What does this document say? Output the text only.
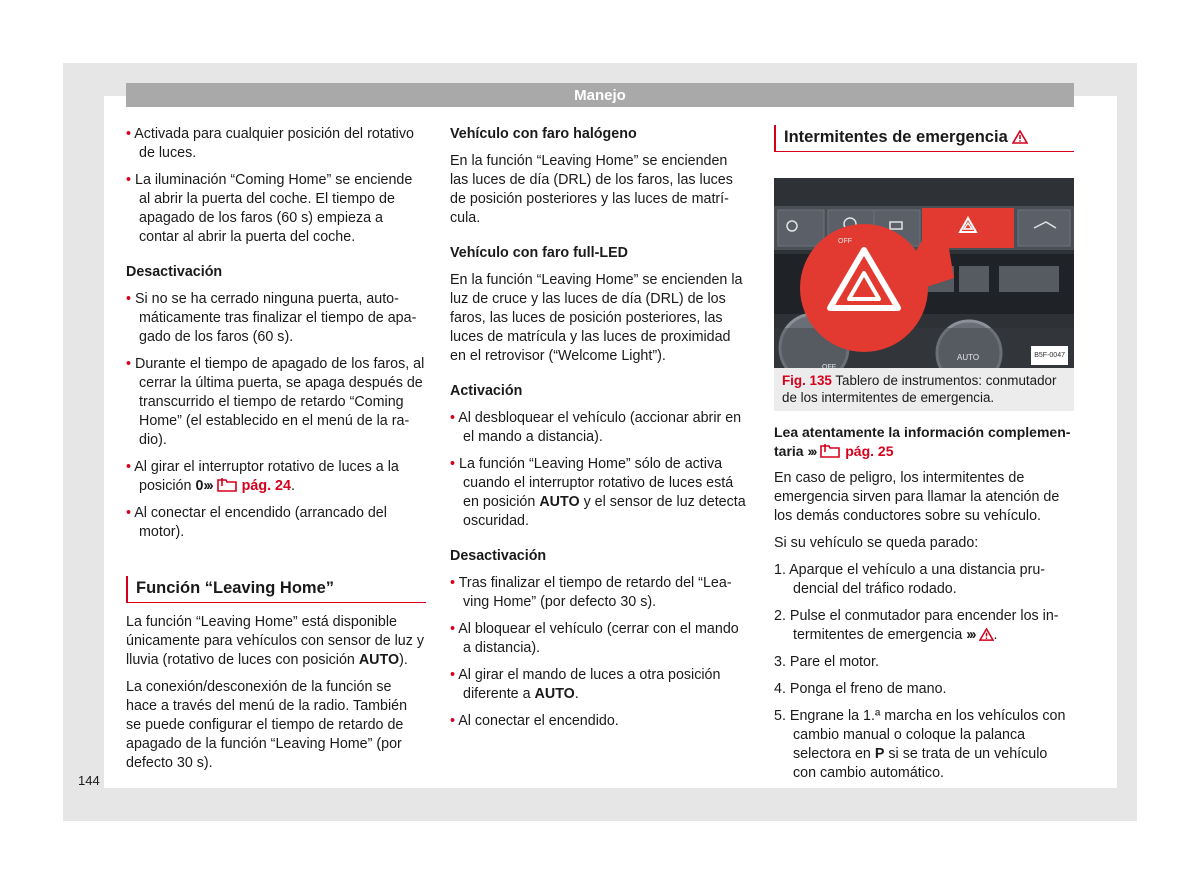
Manejo

• Activada para cualquier posición del rotativo de luces.

• La iluminación “Coming Home” se enciende al abrir la puerta del coche. El tiempo de apagado de los faros (60 s) empieza a contar al abrir la puerta del coche.

Desactivación

• Si no se ha cerrado ninguna puerta, automáticamente tras finalizar el tiempo de apagado de los faros (60 s).

• Durante el tiempo de apagado de los faros, al cerrar la última puerta, se apaga después de transcurrido el tiempo de retardo “Coming Home” (el establecido en el menú de la radio).

• Al girar el interruptor rotativo de luces a la posición 0››› pág. 24.

• Al conectar el encendido (arrancado del motor).

Función “Leaving Home”

La función “Leaving Home” está disponible únicamente para vehículos con sensor de luz y lluvia (rotativo de luces con posición AUTO).

La conexión/desconexión de la función se hace a través del menú de la radio. También se puede configurar el tiempo de retardo de apagado de la función “Leaving Home” (por defecto 30 s).

Vehículo con faro halógeno

En la función “Leaving Home” se encienden las luces de día (DRL) de los faros, las luces de posición posteriores y las luces de matrícula.

Vehículo con faro full-LED

En la función “Leaving Home” se encienden la luz de cruce y las luces de día (DRL) de los faros, las luces de posición posteriores, las luces de matrícula y las luces de proximidad en el retrovisor (“Welcome Light”).

Activación

• Al desbloquear el vehículo (accionar abrir en el mando a distancia).

• La función “Leaving Home” sólo de activa cuando el interruptor rotativo de luces está en posición AUTO y el sensor de luz detecta oscuridad.

Desactivación

• Tras finalizar el tiempo de retardo del “Leaving Home” (por defecto 30 s).

• Al bloquear el vehículo (cerrar con el mando a distancia).

• Al girar el mando de luces a otra posición diferente a AUTO.

• Al conectar el encendido.

Intermitentes de emergencia
OFF
AUTO
OFF
B5F-0047
Fig. 135 Tablero de instrumentos: conmutador de los intermitentes de emergencia.

Lea atentamente la información complementaria ››› pág. 25

En caso de peligro, los intermitentes de emergencia sirven para llamar la atención de los demás conductores sobre su vehículo.

Si su vehículo se queda parado:

1. Aparque el vehículo a una distancia prudencial del tráfico rodado.

2. Pulse el conmutador para encender los intermitentes de emergencia ››› .

3. Pare el motor.

4. Ponga el freno de mano.

5. Engrane la 1.ª marcha en los vehículos con cambio manual o coloque la palanca selectora en P si se trata de un vehículo con cambio automático.

144
